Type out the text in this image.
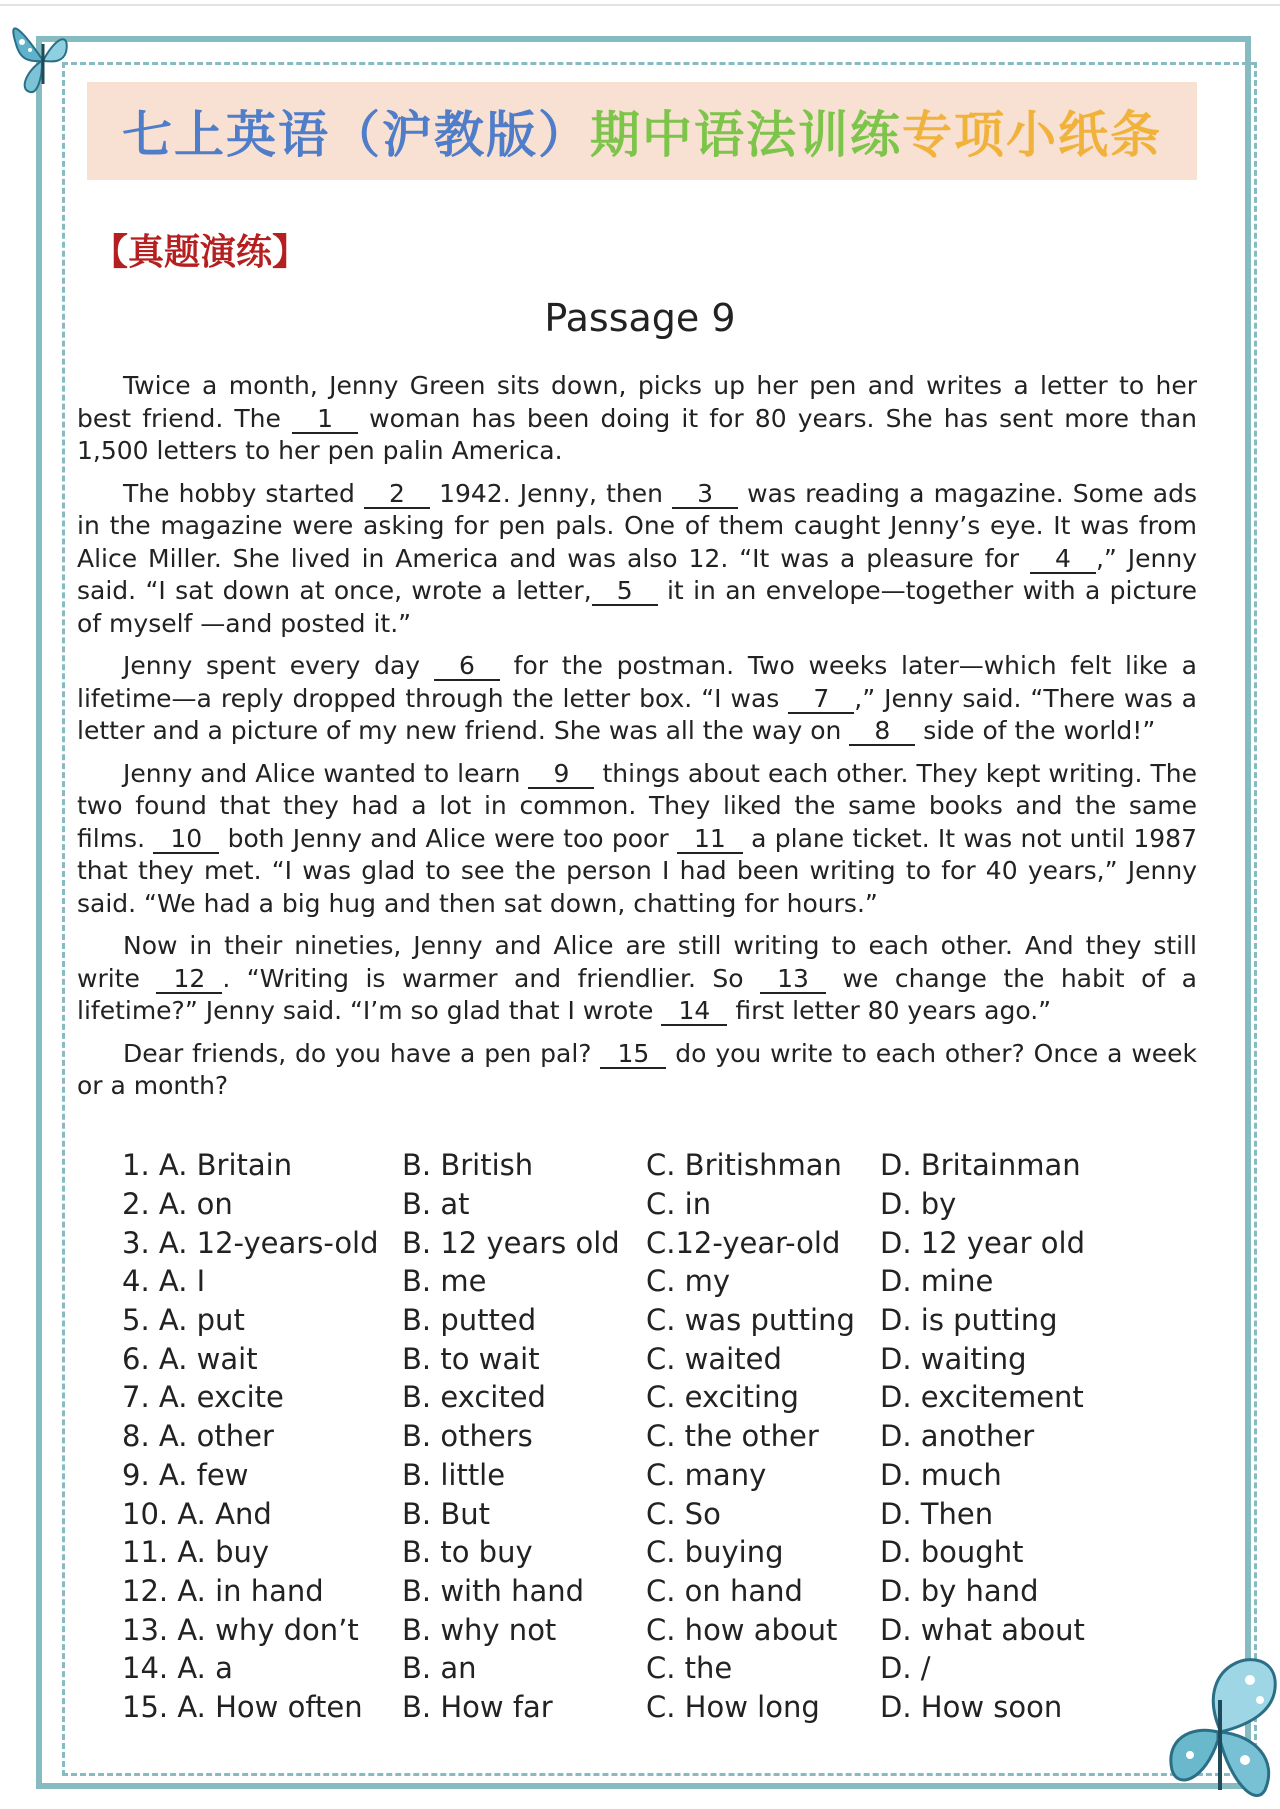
七上英语（沪教版） 期中语法训练 专项小纸条
【真题演练】
Passage 9

Twice a month, Jenny Green sits down, picks up her pen and writes a letter to her best friend. The 1 woman has been doing it for 80 years. She has sent more than 1,500 letters to her pen palin America.

The hobby started 2 1942. Jenny, then 3 was reading a magazine. Some ads in the magazine were asking for pen pals. One of them caught Jenny’s eye. It was from Alice Miller. She lived in America and was also 12. “It was a pleasure for 4 ,” Jenny said. “I sat down at once, wrote a letter, 5 it in an envelope—together with a picture of myself —and posted it.”

Jenny spent every day 6 for the postman. Two weeks later—which felt like a lifetime—a reply dropped through the letter box. “I was 7 ,” Jenny said. “There was a letter and a picture of my new friend. She was all the way on 8 side of the world!”

Jenny and Alice wanted to learn 9 things about each other. They kept writing. The two found that they had a lot in common. They liked the same books and the same films. 10 both Jenny and Alice were too poor 11 a plane ticket. It was not until 1987 that they met. “I was glad to see the person I had been writing to for 40 years,” Jenny said. “We had a big hug and then sat down, chatting for hours.”

Now in their nineties, Jenny and Alice are still writing to each other. And they still write 12 . “Writing is warmer and friendlier. So 13 we change the habit of a lifetime?” Jenny said. “I’m so glad that I wrote 14 first letter 80 years ago.”

Dear friends, do you have a pen pal? 15 do you write to each other? Once a week or a month?

1. A. Britain	B. British	C. Britishman	D. Britainman
2. A. on	B. at	C. in	D. by
3. A. 12-years-old B. 12 years old C.12-year-old	D. 12 year old
4. A. I	B. me	C. my	D. mine
5. A. put	B. putted	C. was putting D. is putting
6. A. wait	B. to wait	C. waited	D. waiting
7. A. excite	B. excited	C. exciting	D. excitement
8. A. other	B. others	C. the other	D. another
9. A. few	B. little	C. many	D. much
10. A. And	B. But	C. So	D. Then
11. A. buy	B. to buy	C. buying	D. bought
12. A. in hand	B. with hand	C. on hand	D. by hand
13. A. why don’t	B. why not	C. how about	D. what about
14. A. a	B. an	C. the	D. /
15. A. How often	B. How far	C. How long	D. How soon
